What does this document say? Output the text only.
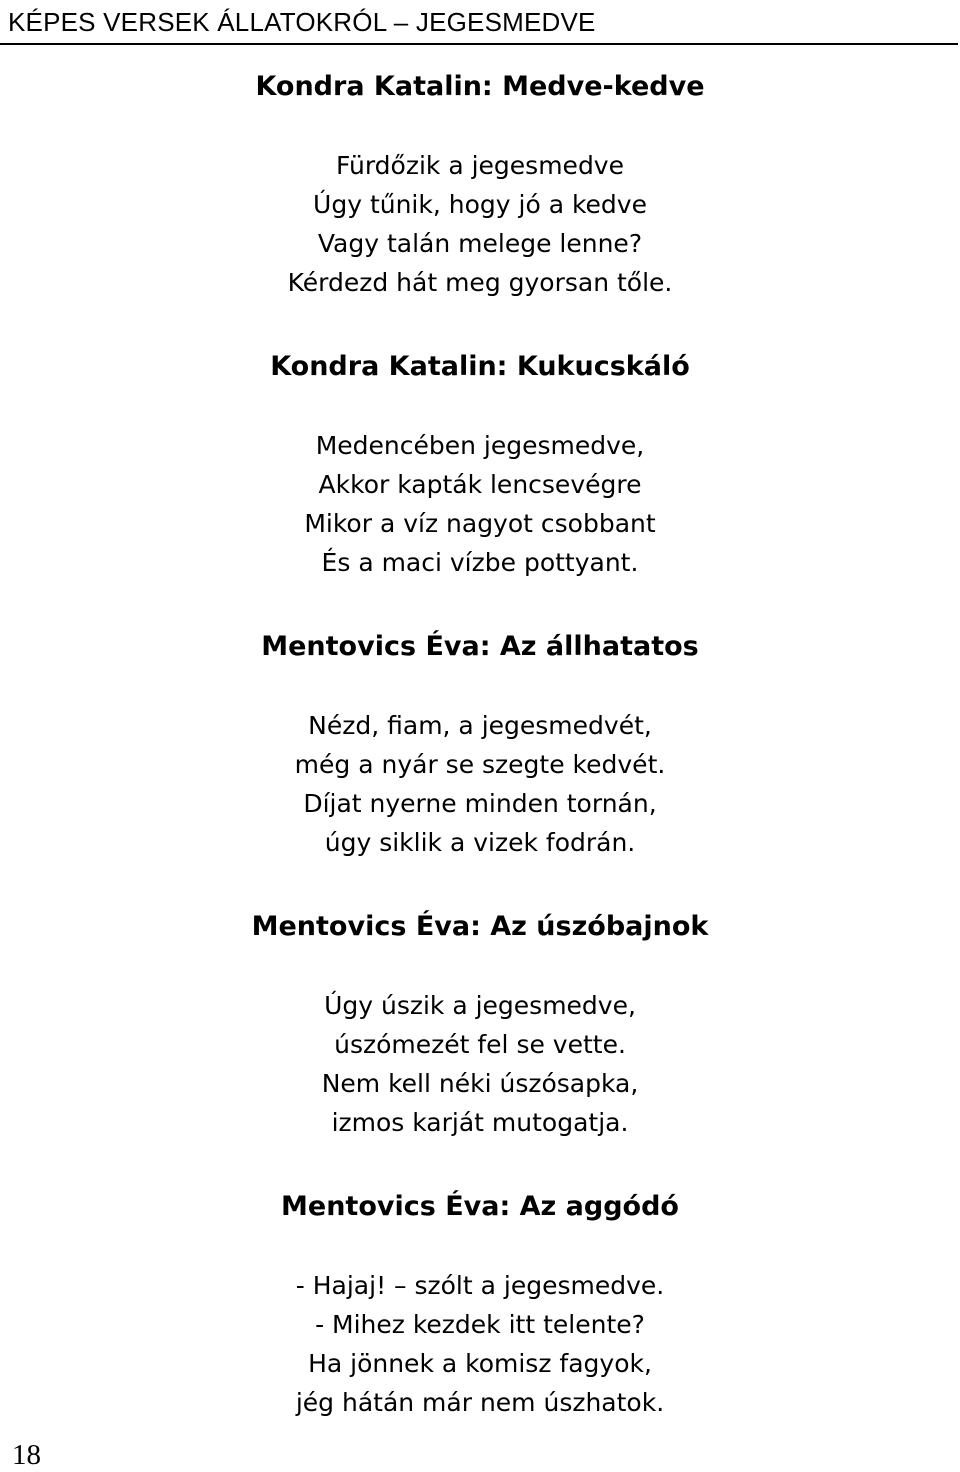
KÉPES VERSEK ÁLLATOKRÓL – JEGESMEDVE
Kondra Katalin: Medve-kedve
Fürdőzik a jegesmedve
Úgy tűnik, hogy jó a kedve
Vagy talán melege lenne?
Kérdezd hát meg gyorsan tőle.
Kondra Katalin: Kukucskáló
Medencében jegesmedve,
Akkor kapták lencsevégre
Mikor a víz nagyot csobbant
És a maci vízbe pottyant.
Mentovics Éva: Az állhatatos
Nézd, fiam, a jegesmedvét,
még a nyár se szegte kedvét.
Díjat nyerne minden tornán,
úgy siklik a vizek fodrán.
Mentovics Éva: Az úszóbajnok
Úgy úszik a jegesmedve,
úszómezét fel se vette.
Nem kell néki úszósapka,
izmos karját mutogatja.
Mentovics Éva: Az aggódó
- Hajaj! – szólt a jegesmedve.
- Mihez kezdek itt telente?
Ha jönnek a komisz fagyok,
jég hátán már nem úszhatok.
18
